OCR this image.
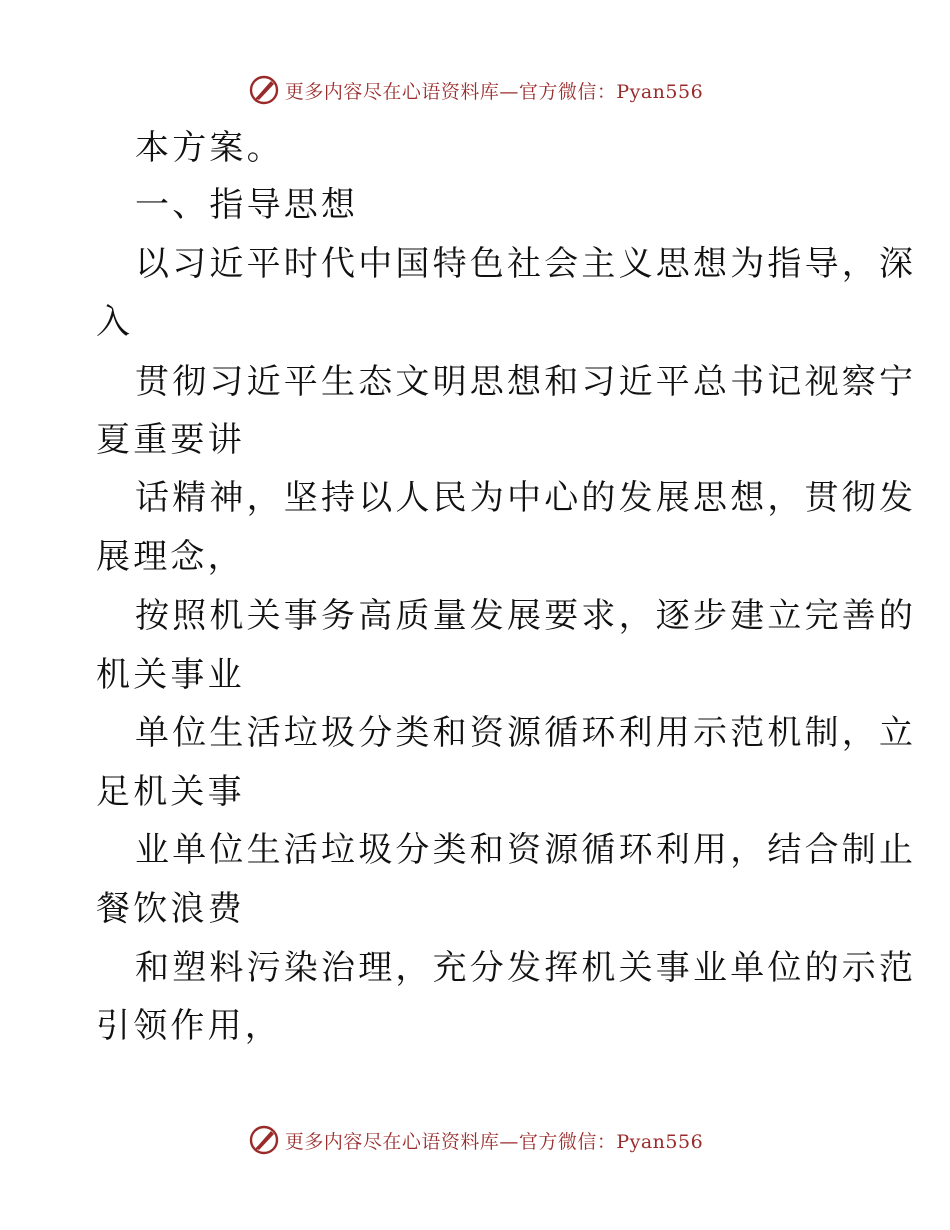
更多内容尽在心语资料库—官方微信：Pyan556

本方案。

一、指导思想

以习近平时代中国特色社会主义思想为指导，深

入

贯彻习近平生态文明思想和习近平总书记视察宁

夏重要讲

话精神，坚持以人民为中心的发展思想，贯彻发

展理念，

按照机关事务高质量发展要求，逐步建立完善的

机关事业

单位生活垃圾分类和资源循环利用示范机制，立

足机关事

业单位生活垃圾分类和资源循环利用，结合制止

餐饮浪费

和塑料污染治理，充分发挥机关事业单位的示范

引领作用，

更多内容尽在心语资料库—官方微信：Pyan556
